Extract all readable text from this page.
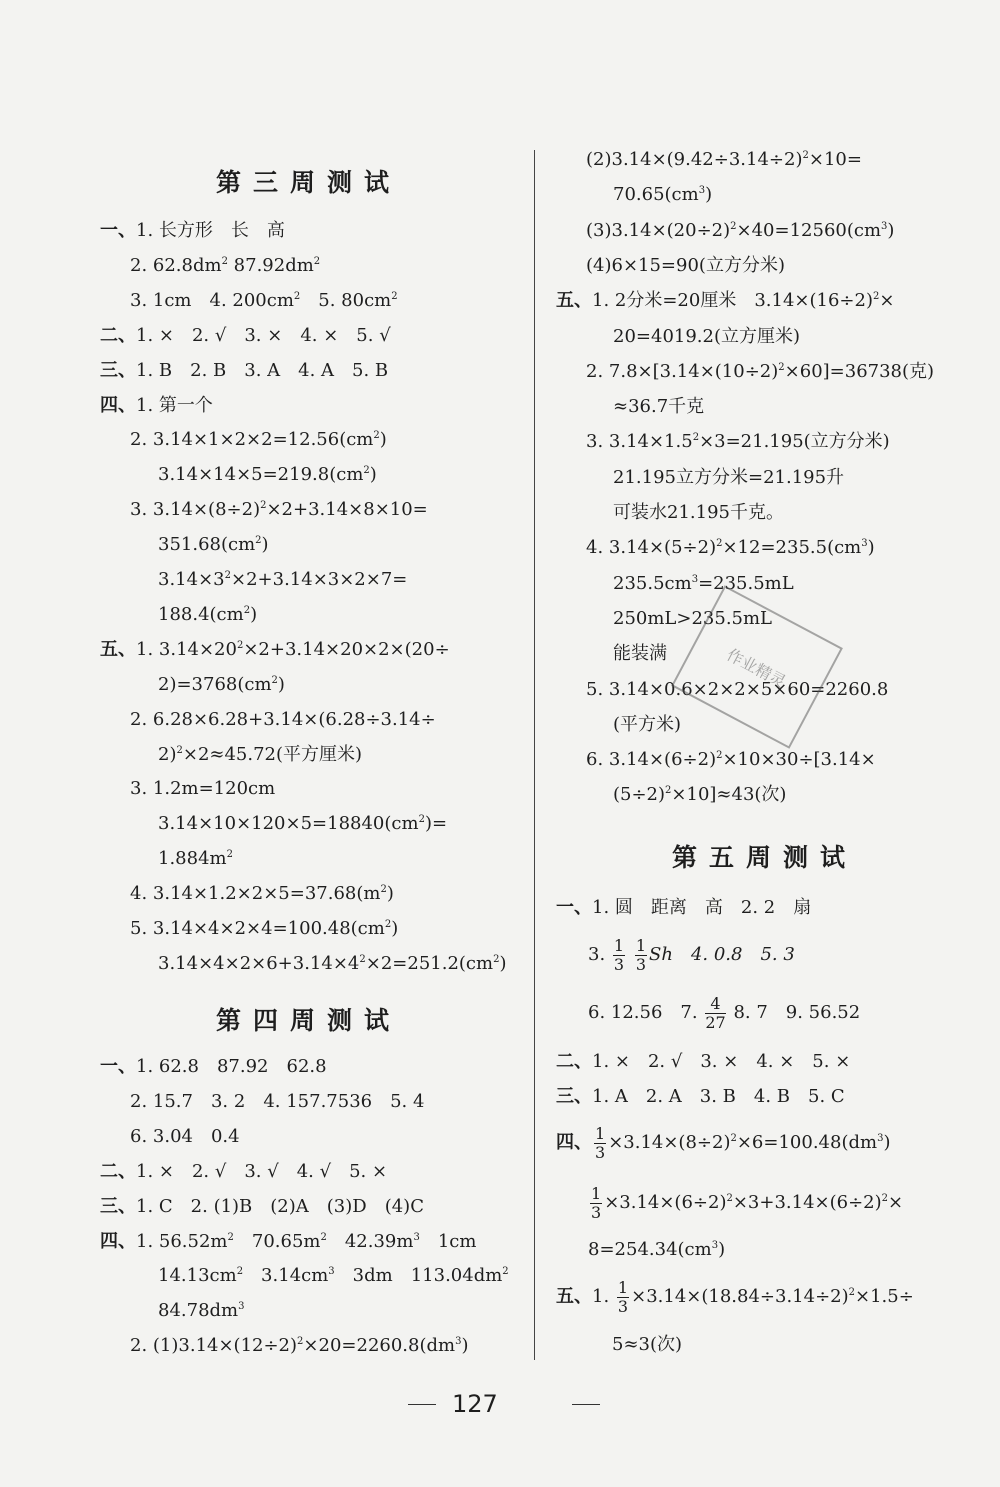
第三周测试
一、1. 长方形　长　高
2. $62.8dm^2$ $87.92dm^2$
3. 1cm　4. $200cm^2$　5. $80cm^2$
二、1. ×　2. √　3. ×　4. ×　5. √
三、1. B　2. B　3. A　4. A　5. B
四、1. 第一个
2. $3.14\times 1\times 2\times 2=12.56(cm^2)$
$3.14\times 14\times 5=219.8(cm^2)$
3. $3.14\times(8\div 2)^2\times 2+3.14\times 8\times 10=$
$351.68(cm^2)$
$3.14\times 3^2\times 2+3.14\times 3\times 2\times 7=$
$188.4(cm^2)$
五、1. $3.14\times 20^2\times 2+3.14\times 20\times 2\times(20\div$
$2)=3768(cm^2)$
2. 6.28×6.28+3.14×(6.28÷3.14÷
2)$^2$×2≈45.72(平方厘米)
3. 1.2m=120cm
$3.14\times 10\times 120\times 5=18840(cm^2)=$
$1.884m^2$
4. $3.14\times 1.2\times 2\times 5=37.68(m^2)$
5. $3.14\times 4\times 2\times 4=100.48(cm^2)$
$3.14\times 4\times 2\times 6+3.14\times 4^2\times 2=251.2(cm^2)$
第四周测试
一、1. 62.8　87.92　62.8
2. 15.7　3. 2　4. 157.7536　5. 4
6. 3.04　0.4
二、1. ×　2. √　3. √　4. √　5. ×
三、1. C　2. (1)B　(2)A　(3)D　(4)C
四、1. $56.52m^2$　$70.65m^2$　$42.39m^3$　1cm
$14.13cm^2$　$3.14cm^3$　3dm　$113.04dm^2$
$84.78dm^3$
2. $(1)3.14\times(12\div 2)^2\times 20=2260.8(dm^3)$
$(2)3.14\times(9.42\div 3.14\div 2)^2\times 10=$
$70.65(cm^3)$
$(3)3.14\times(20\div 2)^2\times 40=12560(cm^3)$
(4)6×15=90(立方分米)
五、1. 2分米=20厘米　$3.14\times(16\div 2)^2\times$
20=4019.2(立方厘米)
2. $7.8\times[3.14\times(10\div 2)^2\times 60]=36738$(克)
≈36.7千克
3. $3.14\times 1.5^2\times 3=21.195$(立方分米)
21.195立方分米=21.195升
可装水21.195千克。
4. $3.14\times(5\div 2)^2\times 12=235.5(cm^3)$
$235.5cm^3=235.5mL$
250mL>235.5mL
能装满
5. 3.14×0.6×2×2×5×60=2260.8
(平方米)
6. $3.14\times(6\div 2)^2\times 10\times 30\div[3.14\times$
$(5\div 2)^2\times 10]\approx 43$(次)
第五周测试
一、1. 圆　距离　高　2. 2　扇
3. $\frac{1}{3}$
$\frac{1}{3}$ Sh　4. 0.8　5. 3
6. 12.56　7. $\frac{4}{27} 8$. 7　9. 56.52
二、1. ×　2. √　3. ×　4. ×　5. ×
三、1. A　2. A　3. B　4. B　5. C
四、 $\frac{1}{3} \times 3.14\times(8\div 2)^2\times 6=100.48(dm^3)$
$\frac{1}{3} \times 3.14\times(6\div 2)^2\times 3+3.14\times(6\div 2)^2\times$
$8=254.34(cm^3)$
五、1. $\frac{1}{3} \times 3.14\times(18.84\div 3.14\div 2)^2\times 1.5\div$
5≈3(次)
作业精灵
127
